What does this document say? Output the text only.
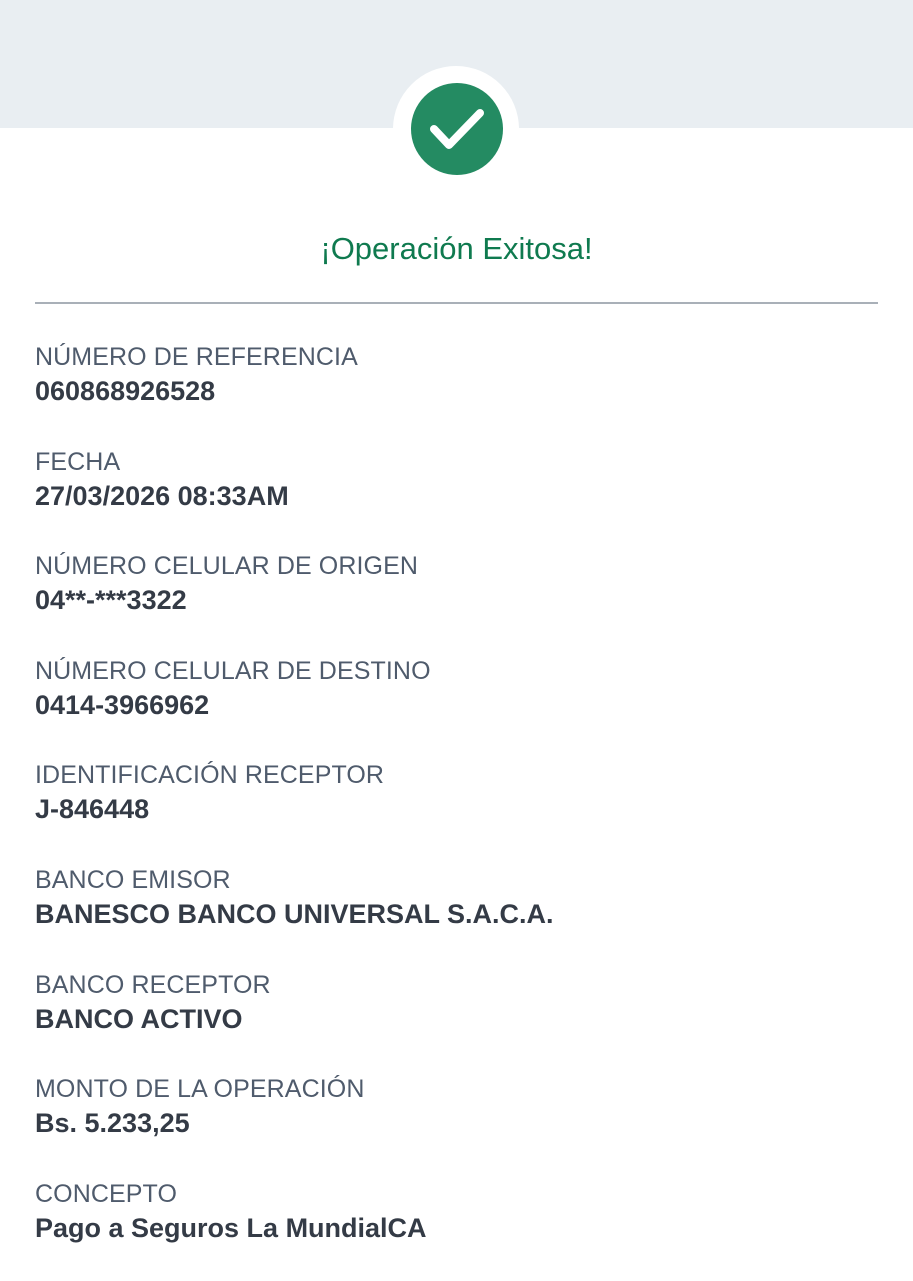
¡Operación Exitosa!
NÚMERO DE REFERENCIA
060868926528
FECHA
27/03/2026 08:33AM
NÚMERO CELULAR DE ORIGEN
04**-***3322
NÚMERO CELULAR DE DESTINO
0414-3966962
IDENTIFICACIÓN RECEPTOR
J-846448
BANCO EMISOR
BANESCO BANCO UNIVERSAL S.A.C.A.
BANCO RECEPTOR
BANCO ACTIVO
MONTO DE LA OPERACIÓN
Bs. 5.233,25
CONCEPTO
Pago a Seguros La MundialCA
